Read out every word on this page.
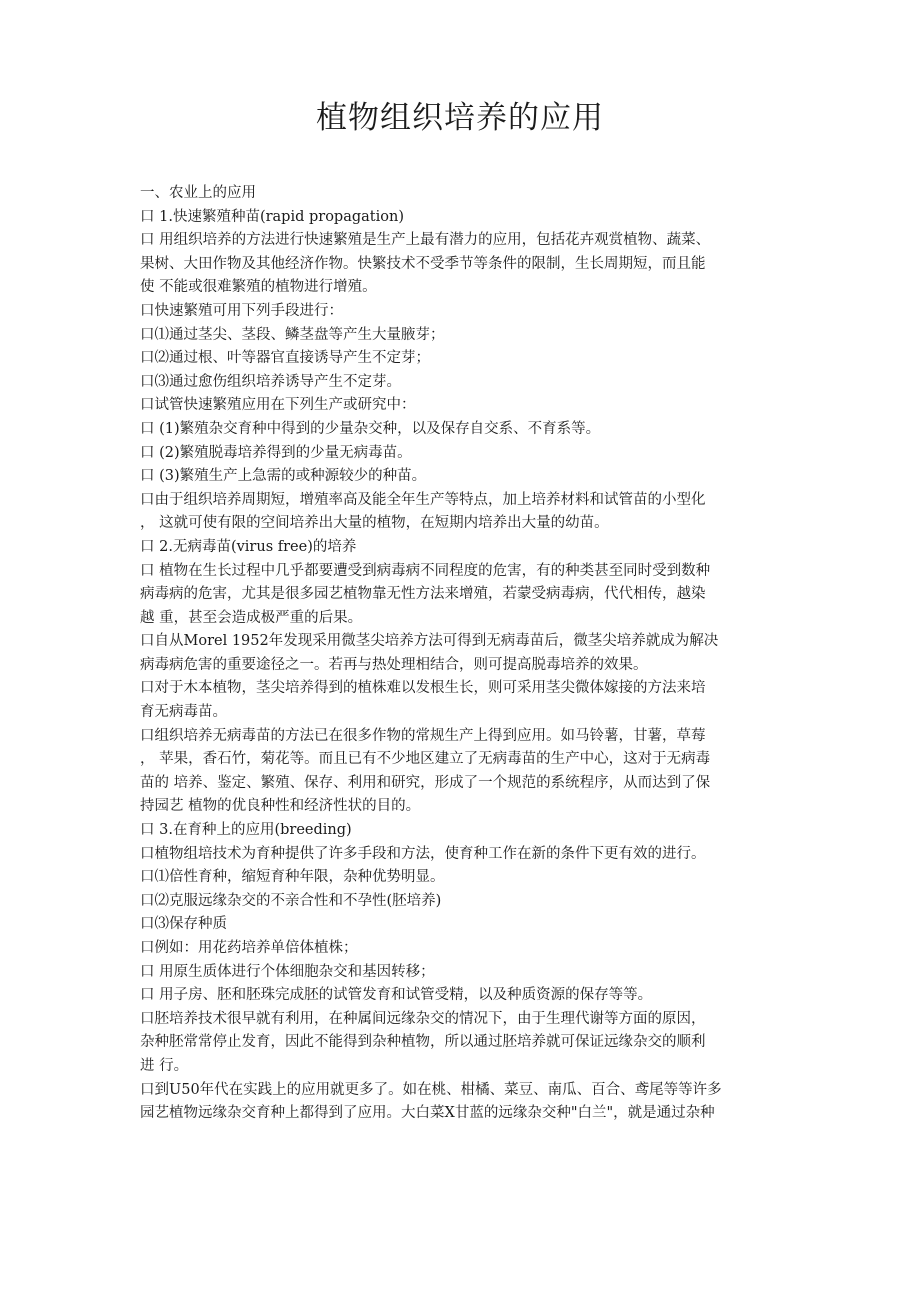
植物组织培养的应用
一、农业上的应用
口 1.快速繁殖种苗(rapid propagation)
口 用组织培养的方法进行快速繁殖是生产上最有潜力的应用，包括花卉观赏植物、蔬菜、
果树、大田作物及其他经济作物。快繁技术不受季节等条件的限制，生长周期短，而且能
使 不能或很难繁殖的植物进行增殖。
口快速繁殖可用下列手段进行：
口⑴通过茎尖、茎段、鳞茎盘等产生大量腋芽；
口⑵通过根、叶等器官直接诱导产生不定芽；
口⑶通过愈伤组织培养诱导产生不定芽。
口试管快速繁殖应用在下列生产或研究中：
口 (1)繁殖杂交育种中得到的少量杂交种，以及保存自交系、不育系等。
口 (2)繁殖脱毒培养得到的少量无病毒苗。
口 (3)繁殖生产上急需的或种源较少的种苗。
口由于组织培养周期短，增殖率高及能全年生产等特点，加上培养材料和试管苗的小型化
， 这就可使有限的空间培养出大量的植物，在短期内培养出大量的幼苗。
口 2.无病毒苗(virus free)的培养
口 植物在生长过程中几乎都要遭受到病毒病不同程度的危害，有的种类甚至同时受到数种
病毒病的危害，尤其是很多园艺植物靠无性方法来增殖，若蒙受病毒病，代代相传，越染
越 重，甚至会造成极严重的后果。
口自从Morel 1952年发现采用微茎尖培养方法可得到无病毒苗后，微茎尖培养就成为解决
病毒病危害的重要途径之一。若再与热处理相结合，则可提高脱毒培养的效果。
口对于木本植物，茎尖培养得到的植株难以发根生长，则可采用茎尖微体嫁接的方法来培
育无病毒苗。
口组织培养无病毒苗的方法已在很多作物的常规生产上得到应用。如马铃薯，甘薯，草莓
， 苹果，香石竹，菊花等。而且已有不少地区建立了无病毒苗的生产中心，这对于无病毒
苗的 培养、鉴定、繁殖、保存、利用和研究，形成了一个规范的系统程序，从而达到了保
持园艺 植物的优良种性和经济性状的目的。
口 3.在育种上的应用(breeding)
口植物组培技术为育种提供了许多手段和方法，使育种工作在新的条件下更有效的进行。
口⑴倍性育种，缩短育种年限，杂种优势明显。
口⑵克服远缘杂交的不亲合性和不孕性(胚培养)
口⑶保存种质
口例如：用花药培养单倍体植株；
口 用原生质体进行个体细胞杂交和基因转移；
口 用子房、胚和胚珠完成胚的试管发育和试管受精，以及种质资源的保存等等。
口胚培养技术很早就有利用，在种属间远缘杂交的情况下，由于生理代谢等方面的原因，
杂种胚常常停止发育，因此不能得到杂种植物，所以通过胚培养就可保证远缘杂交的顺利
进 行。
口到U50年代在实践上的应用就更多了。如在桃、柑橘、菜豆、南瓜、百合、鸢尾等等许多
园艺植物远缘杂交育种上都得到了应用。大白菜X甘蓝的远缘杂交种"白兰"，就是通过杂种
